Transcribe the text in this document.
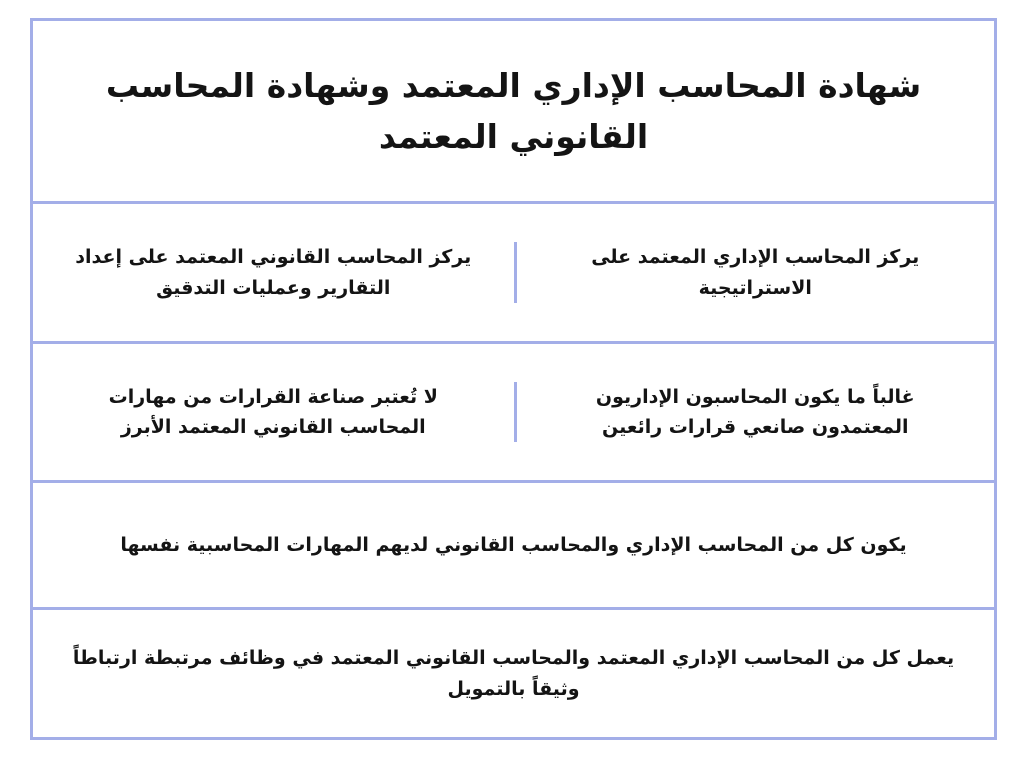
شهادة المحاسب الإداري المعتمد وشهادة المحاسب القانوني المعتمد
يركز المحاسب الإداري المعتمد على الاستراتيجية
يركز المحاسب القانوني المعتمد على إعداد التقارير وعمليات التدقيق
غالباً ما يكون المحاسبون الإداريون المعتمدون صانعي قرارات رائعين
لا تُعتبر صناعة القرارات من مهارات المحاسب القانوني المعتمد الأبرز
يكون كل من المحاسب الإداري والمحاسب القانوني لديهم المهارات المحاسبية نفسها
يعمل كل من المحاسب الإداري المعتمد والمحاسب القانوني المعتمد في وظائف مرتبطة ارتباطاً وثيقاً بالتمويل
